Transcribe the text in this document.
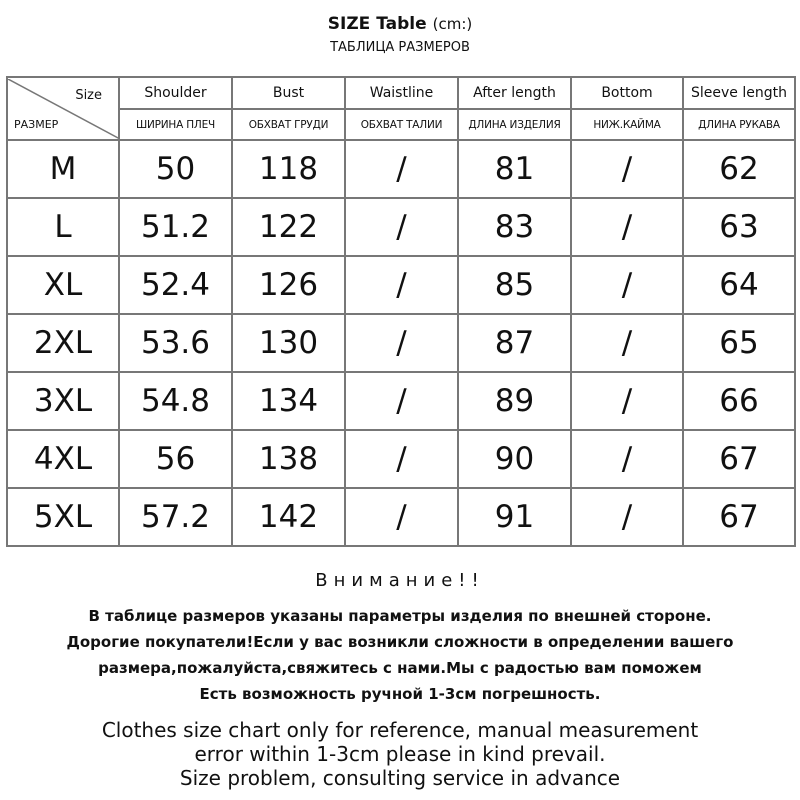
SIZE Table (cm:)
ТАБЛИЦА РАЗМЕРОВ
Size
РАЗМЕР	Shoulder	Bust	Waistline	After length	Bottom	Sleeve length
	ШИРИНА ПЛЕЧ	ОБХВАТ ГРУДИ	ОБХВАТ ТАЛИИ	ДЛИНА ИЗДЕЛИЯ	НИЖ.КАЙМА	ДЛИНА РУКАВА
M	50	118	/	81	/	62
L	51.2	122	/	83	/	63
XL	52.4	126	/	85	/	64
2XL	53.6	130	/	87	/	65
3XL	54.8	134	/	89	/	66
4XL	56	138	/	90	/	67
5XL	57.2	142	/	91	/	67
Внимание!!
В таблице размеров указаны параметры изделия по внешней стороне.
Дорогие покупатели!Если у вас возникли сложности в определении вашего
размера,пожалуйста,свяжитесь с нами.Мы с радостью вам поможем
Есть возможность ручной 1-3см погрешность.
Clothes size chart only for reference, manual measurement
error within 1-3cm please in kind prevail.
Size problem, consulting service in advance
